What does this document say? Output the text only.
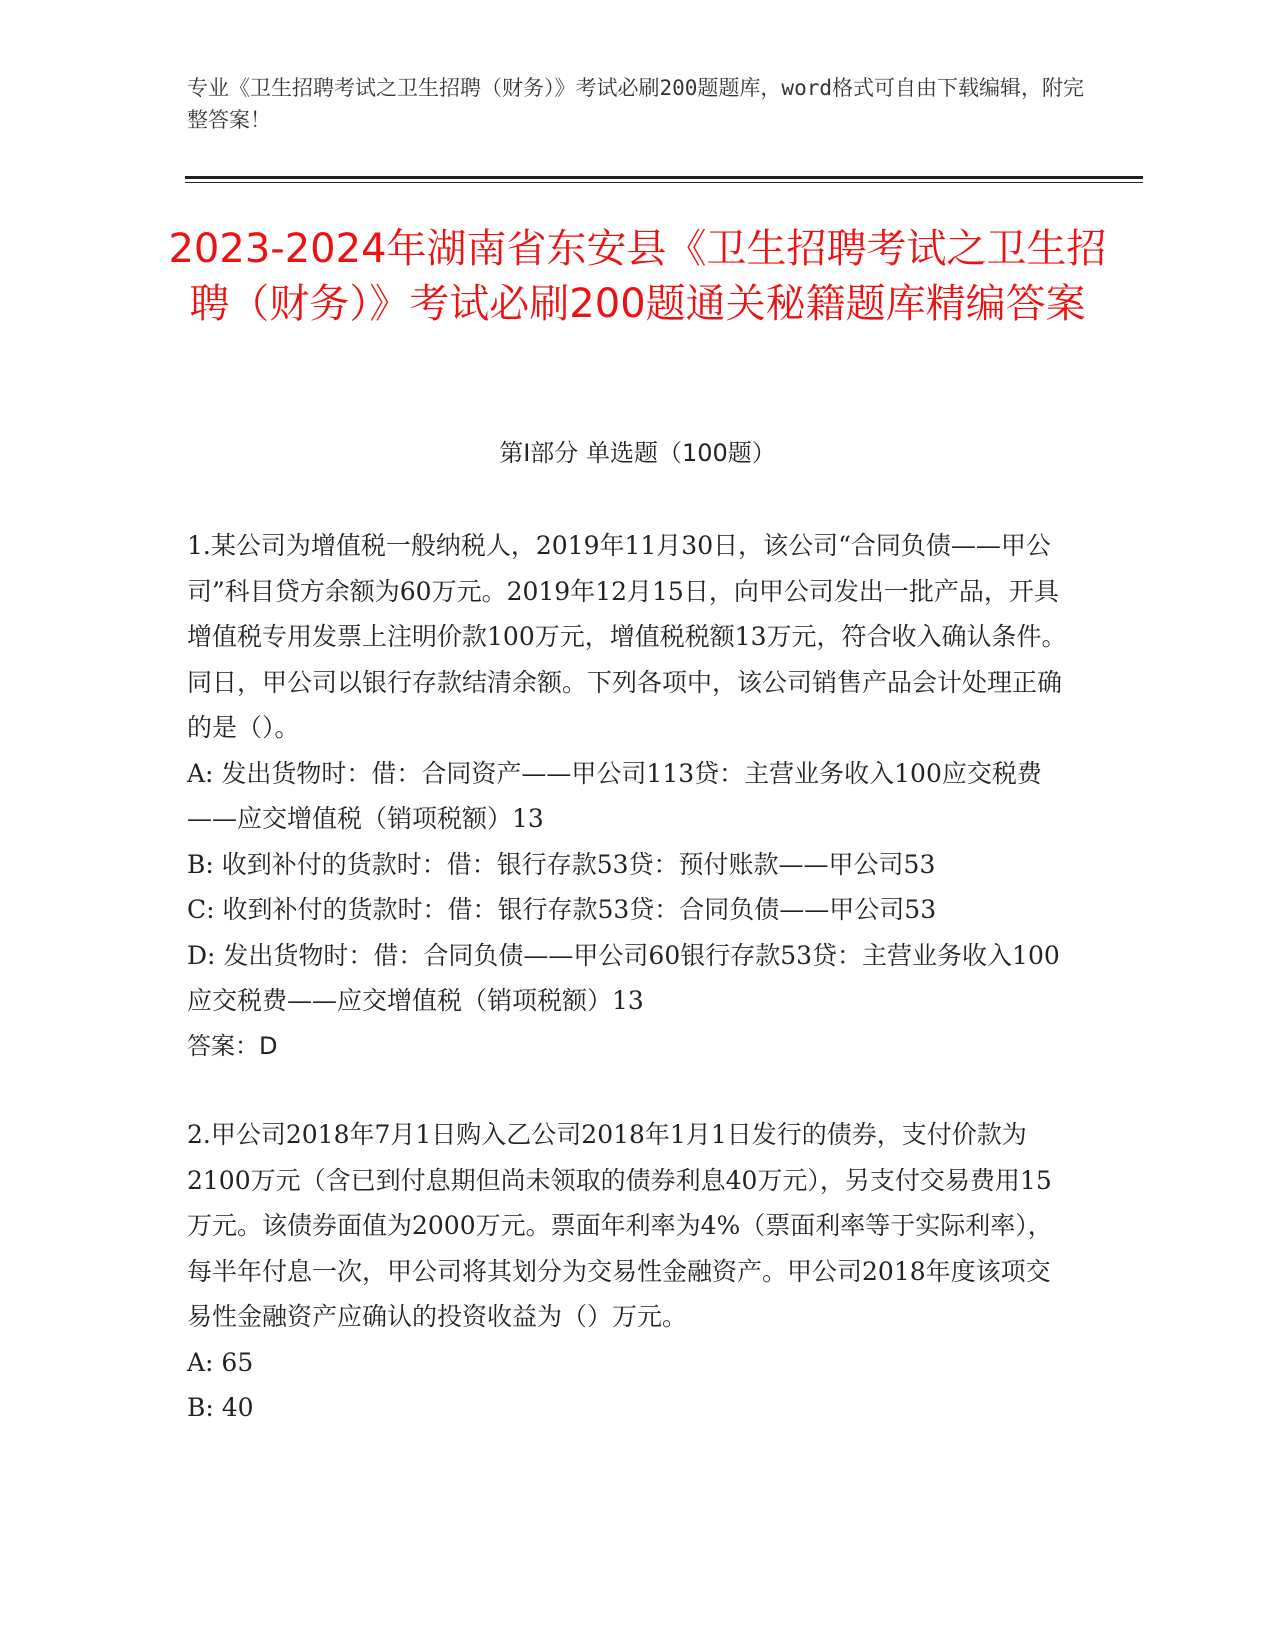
专业《卫生招聘考试之卫生招聘（财务）》考试必刷200题题库，word格式可自由下载编辑，附完整答案！
2023-2024年湖南省东安县《卫生招聘考试之卫生招聘（财务）》考试必刷200题通关秘籍题库精编答案
第Ⅰ部分 单选题（100题）

1.某公司为增值税一般纳税人，2019年11月30日，该公司“合同负债——甲公司”科目贷方余额为60万元。2019年12月15日，向甲公司发出一批产品，开具增值税专用发票上注明价款100万元，增值税税额13万元，符合收入确认条件。同日，甲公司以银行存款结清余额。下列各项中，该公司销售产品会计处理正确的是（）。

A: 发出货物时：借：合同资产——甲公司113贷：主营业务收入100应交税费——应交增值税（销项税额）13

B: 收到补付的货款时：借：银行存款53贷：预付账款——甲公司53

C: 收到补付的货款时：借：银行存款53贷：合同负债——甲公司53

D: 发出货物时：借：合同负债——甲公司60银行存款53贷：主营业务收入100应交税费——应交增值税（销项税额）13

答案：D

2.甲公司2018年7月1日购入乙公司2018年1月1日发行的债券，支付价款为2100万元（含已到付息期但尚未领取的债券利息40万元），另支付交易费用15万元。该债券面值为2000万元。票面年利率为4%（票面利率等于实际利率），每半年付息一次，甲公司将其划分为交易性金融资产。甲公司2018年度该项交易性金融资产应确认的投资收益为（）万元。

A: 65

B: 40
